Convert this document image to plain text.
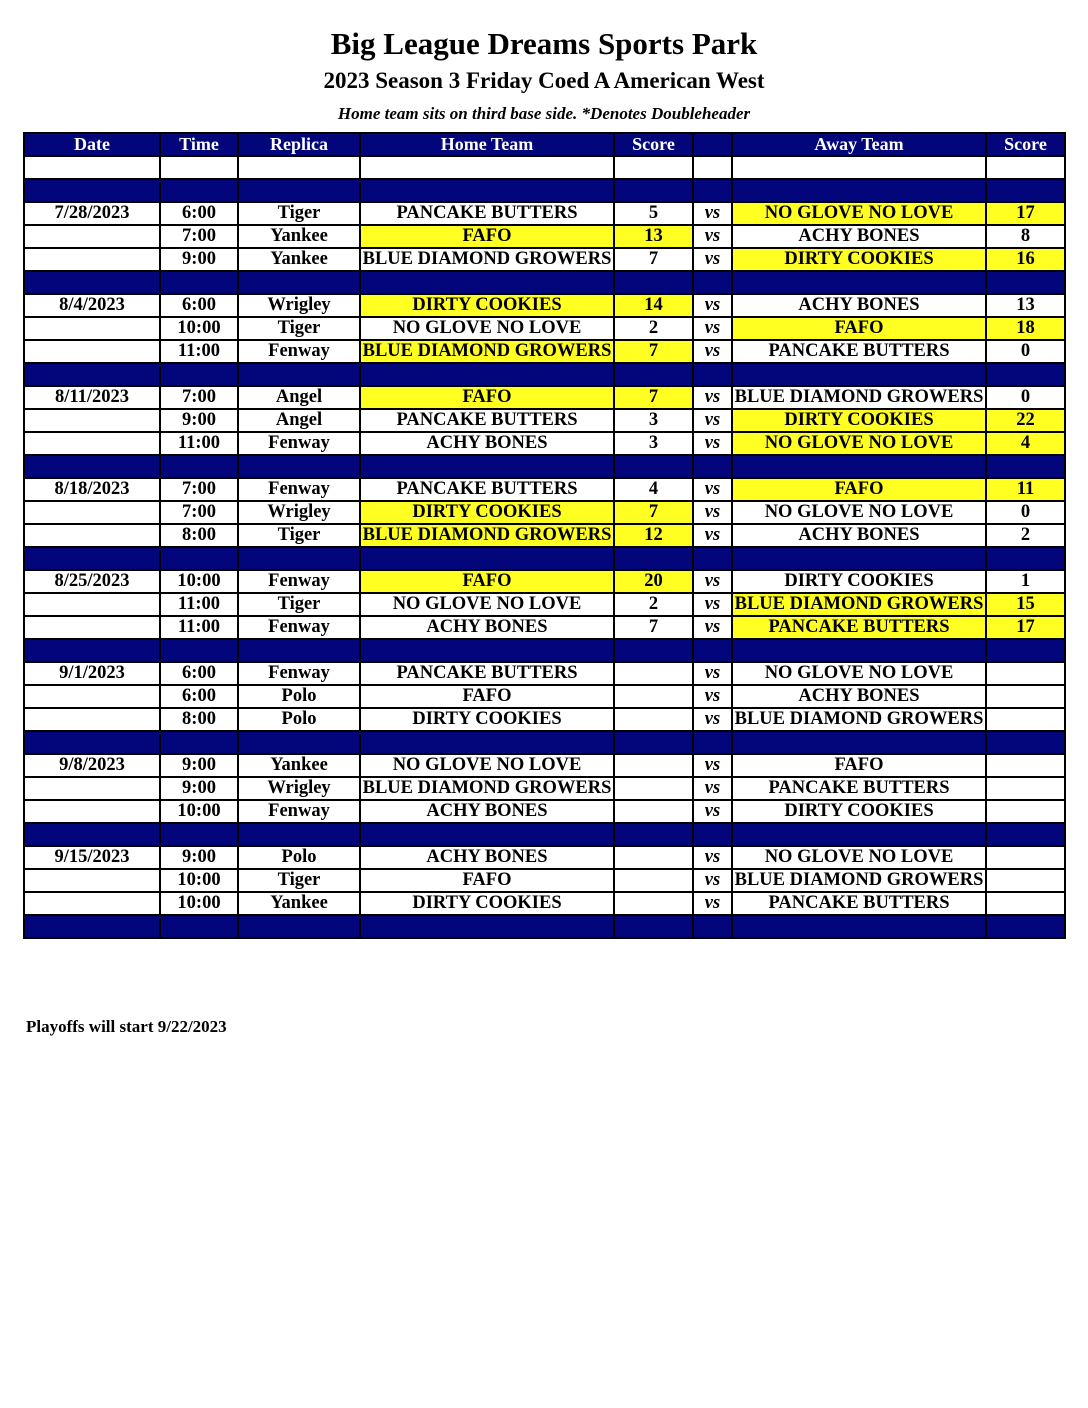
Big League Dreams Sports Park
2023 Season 3 Friday Coed A American West
Home team sits on third base side. *Denotes Doubleheader
Date	Time	Replica	Home Team	Score		Away Team	Score

7/28/2023	6:00	Tiger	PANCAKE BUTTERS	5	vs	NO GLOVE NO LOVE	17
	7:00	Yankee	FAFO	13	vs	ACHY BONES	8
	9:00	Yankee	BLUE DIAMOND GROWERS	7	vs	DIRTY COOKIES	16

8/4/2023	6:00	Wrigley	DIRTY COOKIES	14	vs	ACHY BONES	13
	10:00	Tiger	NO GLOVE NO LOVE	2	vs	FAFO	18
	11:00	Fenway	BLUE DIAMOND GROWERS	7	vs	PANCAKE BUTTERS	0

8/11/2023	7:00	Angel	FAFO	7	vs	BLUE DIAMOND GROWERS	0
	9:00	Angel	PANCAKE BUTTERS	3	vs	DIRTY COOKIES	22
	11:00	Fenway	ACHY BONES	3	vs	NO GLOVE NO LOVE	4

8/18/2023	7:00	Fenway	PANCAKE BUTTERS	4	vs	FAFO	11
	7:00	Wrigley	DIRTY COOKIES	7	vs	NO GLOVE NO LOVE	0
	8:00	Tiger	BLUE DIAMOND GROWERS	12	vs	ACHY BONES	2

8/25/2023	10:00	Fenway	FAFO	20	vs	DIRTY COOKIES	1
	11:00	Tiger	NO GLOVE NO LOVE	2	vs	BLUE DIAMOND GROWERS	15
	11:00	Fenway	ACHY BONES	7	vs	PANCAKE BUTTERS	17

9/1/2023	6:00	Fenway	PANCAKE BUTTERS		vs	NO GLOVE NO LOVE	
	6:00	Polo	FAFO		vs	ACHY BONES	
	8:00	Polo	DIRTY COOKIES		vs	BLUE DIAMOND GROWERS	

9/8/2023	9:00	Yankee	NO GLOVE NO LOVE		vs	FAFO	
	9:00	Wrigley	BLUE DIAMOND GROWERS		vs	PANCAKE BUTTERS	
	10:00	Fenway	ACHY BONES		vs	DIRTY COOKIES	

9/15/2023	9:00	Polo	ACHY BONES		vs	NO GLOVE NO LOVE	
	10:00	Tiger	FAFO		vs	BLUE DIAMOND GROWERS	
	10:00	Yankee	DIRTY COOKIES		vs	PANCAKE BUTTERS	

Playoffs will start 9/22/2023
